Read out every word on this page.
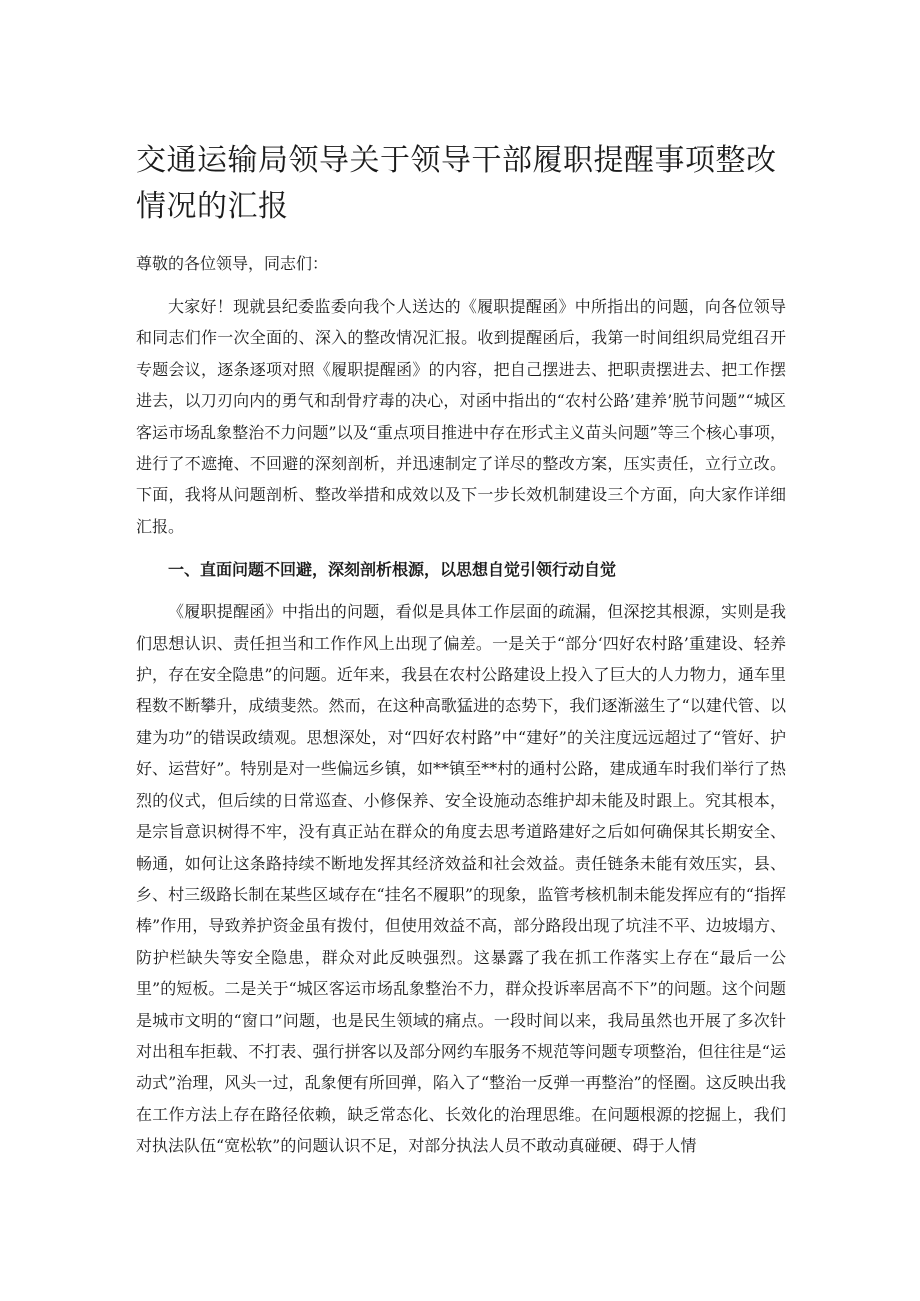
交通运输局领导关于领导干部履职提醒事项整改情况的汇报

尊敬的各位领导，同志们：

大家好！现就县纪委监委向我个人送达的《履职提醒函》中所指出的问题，向各位领导和同志们作一次全面的、深入的整改情况汇报。收到提醒函后，我第一时间组织局党组召开专题会议，逐条逐项对照《履职提醒函》的内容，把自己摆进去、把职责摆进去、把工作摆进去，以刀刃向内的勇气和刮骨疗毒的决心，对函中指出的“农村公路’建养’脱节问题”“城区客运市场乱象整治不力问题”以及“重点项目推进中存在形式主义苗头问题”等三个核心事项，进行了不遮掩、不回避的深刻剖析，并迅速制定了详尽的整改方案，压实责任，立行立改。下面，我将从问题剖析、整改举措和成效以及下一步长效机制建设三个方面，向大家作详细汇报。

一、直面问题不回避，深刻剖析根源，以思想自觉引领行动自觉

《履职提醒函》中指出的问题，看似是具体工作层面的疏漏，但深挖其根源，实则是我们思想认识、责任担当和工作作风上出现了偏差。一是关于“部分‘四好农村路’重建设、轻养护，存在安全隐患”的问题。近年来，我县在农村公路建设上投入了巨大的人力物力，通车里程数不断攀升，成绩斐然。然而，在这种高歌猛进的态势下，我们逐渐滋生了“以建代管、以建为功”的错误政绩观。思想深处，对“四好农村路”中“建好”的关注度远远超过了“管好、护好、运营好”。特别是对一些偏远乡镇，如**镇至**村的通村公路，建成通车时我们举行了热烈的仪式，但后续的日常巡查、小修保养、安全设施动态维护却未能及时跟上。究其根本，是宗旨意识树得不牢，没有真正站在群众的角度去思考道路建好之后如何确保其长期安全、畅通，如何让这条路持续不断地发挥其经济效益和社会效益。责任链条未能有效压实，县、乡、村三级路长制在某些区域存在“挂名不履职”的现象，监管考核机制未能发挥应有的“指挥棒”作用，导致养护资金虽有拨付，但使用效益不高，部分路段出现了坑洼不平、边坡塌方、防护栏缺失等安全隐患，群众对此反映强烈。这暴露了我在抓工作落实上存在“最后一公里”的短板。二是关于“城区客运市场乱象整治不力，群众投诉率居高不下”的问题。这个问题是城市文明的“窗口”问题，也是民生领域的痛点。一段时间以来，我局虽然也开展了多次针对出租车拒载、不打表、强行拼客以及部分网约车服务不规范等问题专项整治，但往往是“运动式”治理，风头一过，乱象便有所回弹，陷入了“整治一反弹一再整治”的怪圈。这反映出我在工作方法上存在路径依赖，缺乏常态化、长效化的治理思维。在问题根源的挖掘上，我们对执法队伍“宽松软”的问题认识不足，对部分执法人员不敢动真碰硬、碍于人情
